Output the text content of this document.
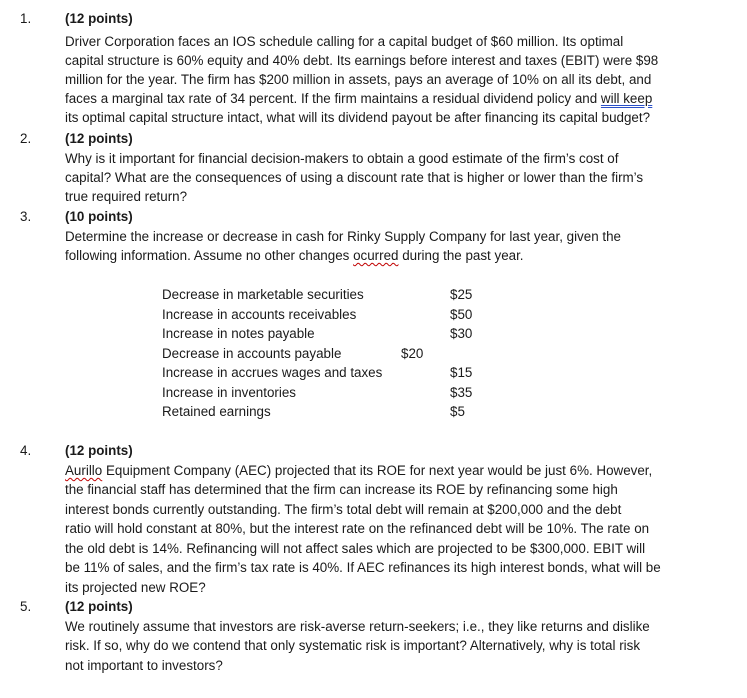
1.	(12 points)
Driver Corporation faces an IOS schedule calling for a capital budget of $60 million. Its optimal
capital structure is 60% equity and 40% debt. Its earnings before interest and taxes (EBIT) were $98
million for the year. The firm has $200 million in assets, pays an average of 10% on all its debt, and
faces a marginal tax rate of 34 percent. If the firm maintains a residual dividend policy and will keep
its optimal capital structure intact, what will its dividend payout be after financing its capital budget?
2.	(12 points)
Why is it important for financial decision-makers to obtain a good estimate of the firm’s cost of
capital? What are the consequences of using a discount rate that is higher or lower than the firm’s
true required return?
3.	(10 points)
Determine the increase or decrease in cash for Rinky Supply Company for last year, given the
following information. Assume no other changes ocurred during the past year.
Decrease in marketable securities	$25
Increase in accounts receivables	$50
Increase in notes payable	$30
Decrease in accounts payable	$20
Increase in accrues wages and taxes	$15
Increase in inventories	$35
Retained earnings	$5
4.	(12 points)
Aurillo Equipment Company (AEC) projected that its ROE for next year would be just 6%. However,
the financial staff has determined that the firm can increase its ROE by refinancing some high
interest bonds currently outstanding. The firm’s total debt will remain at $200,000 and the debt
ratio will hold constant at 80%, but the interest rate on the refinanced debt will be 10%. The rate on
the old debt is 14%. Refinancing will not affect sales which are projected to be $300,000. EBIT will
be 11% of sales, and the firm’s tax rate is 40%. If AEC refinances its high interest bonds, what will be
its projected new ROE?
5.	(12 points)
We routinely assume that investors are risk-averse return-seekers; i.e., they like returns and dislike
risk. If so, why do we contend that only systematic risk is important? Alternatively, why is total risk
not important to investors?
